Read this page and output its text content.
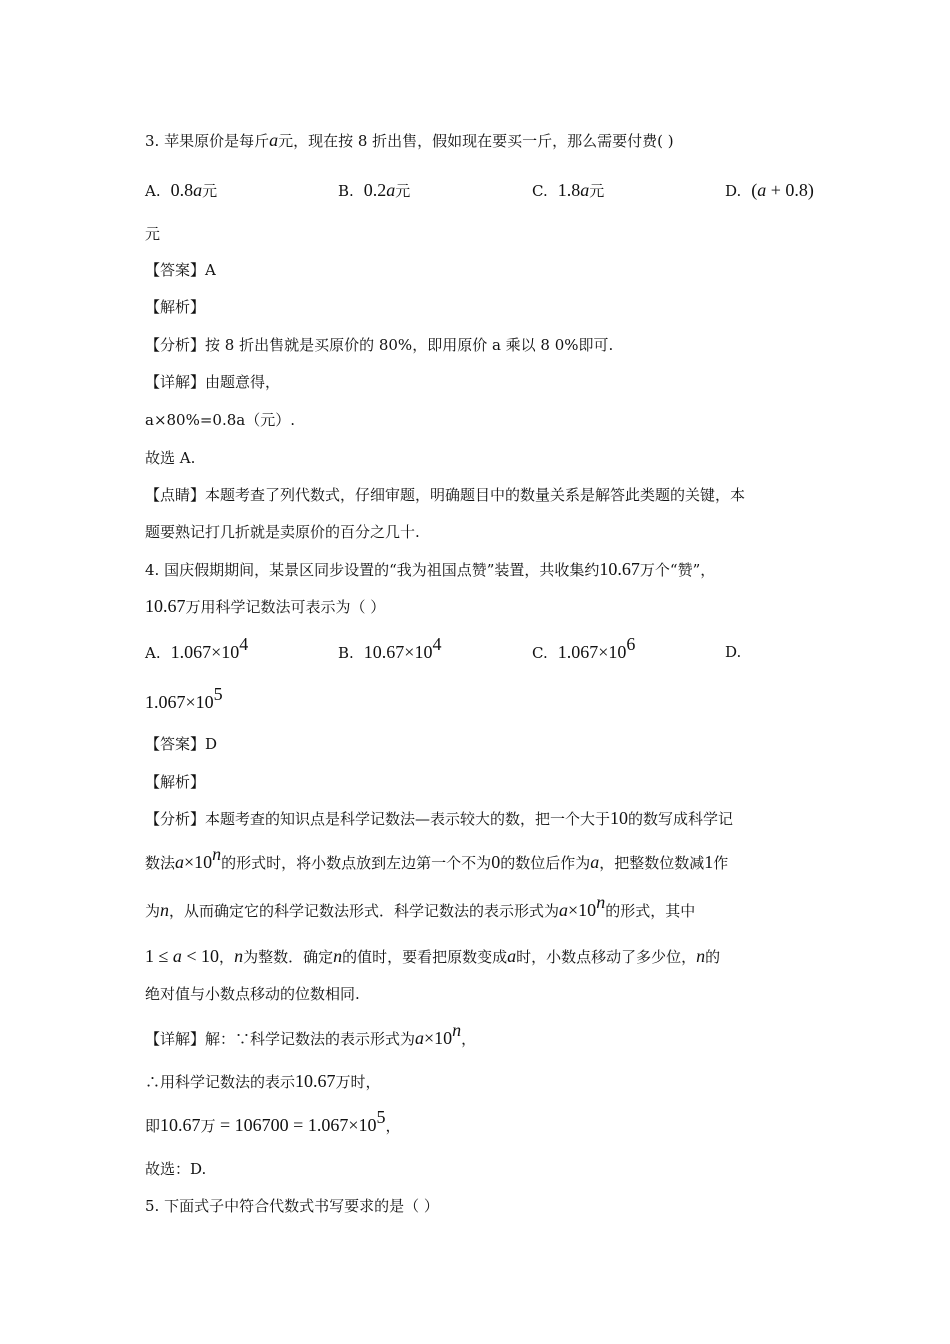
3. 苹果原价是每斤a元，现在按 8 折出售，假如现在要买一斤，那么需要付费( )
A. 0.8a元	B. 0.2a元	C. 1.8a元	D. (a + 0.8)
元
【答案】A
【解析】
【分析】按 8 折出售就是买原价的 80%，即用原价 a 乘以 8 0%即可.
【详解】由题意得，
a×80%=0.8a（元）.
故选 A.
【点睛】本题考查了列代数式，仔细审题，明确题目中的数量关系是解答此类题的关键，本
题要熟记打几折就是卖原价的百分之几十.
4. 国庆假期期间，某景区同步设置的“我为祖国点赞”装置，共收集约10.67万个“赞”，
10.67万用科学记数法可表示为（ ）
A. $1.067\times 10^4$	B. $10.67\times 10^4$	C. $1.067\times 10^6$	D.
$1.067\times 10^5$
【答案】D
【解析】
【分析】本题考查的知识点是科学记数法—表示较大的数，把一个大于10的数写成科学记
数法$a\times 10^n$的形式时，将小数点放到左边第一个不为0的数位后作为a，把整数位数减1作
为n，从而确定它的科学记数法形式．科学记数法的表示形式为$a\times 10^n$的形式，其中
1 ≤ a < 10，n为整数．确定n的值时，要看把原数变成a时，小数点移动了多少位，n的
绝对值与小数点移动的位数相同.
【详解】解：∵科学记数法的表示形式为$a\times 10^n$，
∴用科学记数法的表示10.67万时，
即10.67万 = $106700 = 1.067\times 10^5$，
故选：D.
5. 下面式子中符合代数式书写要求的是（ ）
